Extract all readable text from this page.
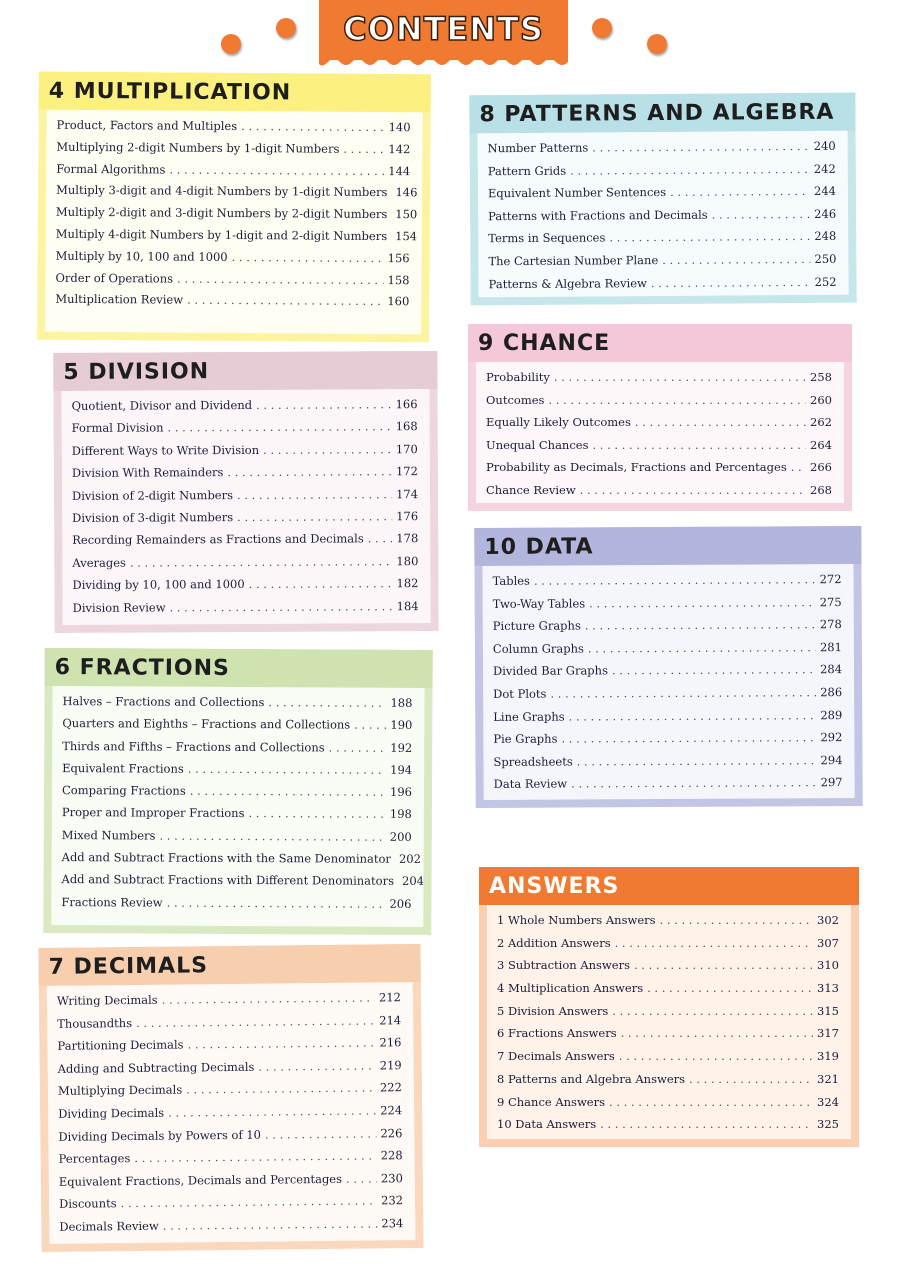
CONTENTS
4 MULTIPLICATION
Product, Factors and Multiples . . .	140
Multiplying 2-digit Numbers by 1-digit Numbers . . .	142
Formal Algorithms . . .	144
Multiply 3-digit and 4-digit Numbers by 1-digit Numbers . . . 146
Multiply 2-digit and 3-digit Numbers by 2-digit Numbers . . . 150
Multiply 4-digit Numbers by 1-digit and 2-digit Numbers . . . 154
Multiply by 10, 100 and 1000 . . .	156
Order of Operations . . .	158
Multiplication Review . . .	160
5 DIVISION
Quotient, Divisor and Dividend . . .	166
Formal Division . . .	168
Different Ways to Write Division . . .	170
Division With Remainders . . .	172
Division of 2-digit Numbers . . .	174
Division of 3-digit Numbers . . .	176
Recording Remainders as Fractions and Decimals . . .	178
Averages . . .	180
Dividing by 10, 100 and 1000 . . .	182
Division Review . . .	184
6 FRACTIONS
Halves – Fractions and Collections . . .	188
Quarters and Eighths – Fractions and Collections . . .	190
Thirds and Fifths – Fractions and Collections . . .	192
Equivalent Fractions . . .	194
Comparing Fractions . . .	196
Proper and Improper Fractions . . .	198
Mixed Numbers . . .	200
Add and Subtract Fractions with the Same Denominator . . . 202
Add and Subtract Fractions with Different Denominators . . . 204
Fractions Review . . .	206
7 DECIMALS
Writing Decimals . . .	212
Thousandths . . .	214
Partitioning Decimals . . .	216
Adding and Subtracting Decimals . . .	219
Multiplying Decimals . . .	222
Dividing Decimals . . .	224
Dividing Decimals by Powers of 10 . . .	226
Percentages . . .	228
Equivalent Fractions, Decimals and Percentages . . .	230
Discounts . . .	232
Decimals Review . . .	234
8 PATTERNS AND ALGEBRA
Number Patterns . . .	240
Pattern Grids . . .	242
Equivalent Number Sentences . . .	244
Patterns with Fractions and Decimals . . .	246
Terms in Sequences . . .	248
The Cartesian Number Plane . . .	250
Patterns & Algebra Review . . .	252
9 CHANCE
Probability . . .	258
Outcomes . . .	260
Equally Likely Outcomes . . .	262
Unequal Chances . . .	264
Probability as Decimals, Fractions and Percentages . . . 266
Chance Review . . .	268
10 DATA
Tables . . .	272
Two-Way Tables . . .	275
Picture Graphs . . .	278
Column Graphs . . .	281
Divided Bar Graphs . . .	284
Dot Plots . . .	286
Line Graphs . . .	289
Pie Graphs . . .	292
Spreadsheets . . .	294
Data Review . . .	297
ANSWERS
1 Whole Numbers Answers . . .	302
2 Addition Answers . . .	307
3 Subtraction Answers . . .	310
4 Multiplication Answers . . .	313
5 Division Answers . . .	315
6 Fractions Answers . . .	317
7 Decimals Answers . . .	319
8 Patterns and Algebra Answers . . .	321
9 Chance Answers . . .	324
10 Data Answers . . .	325
